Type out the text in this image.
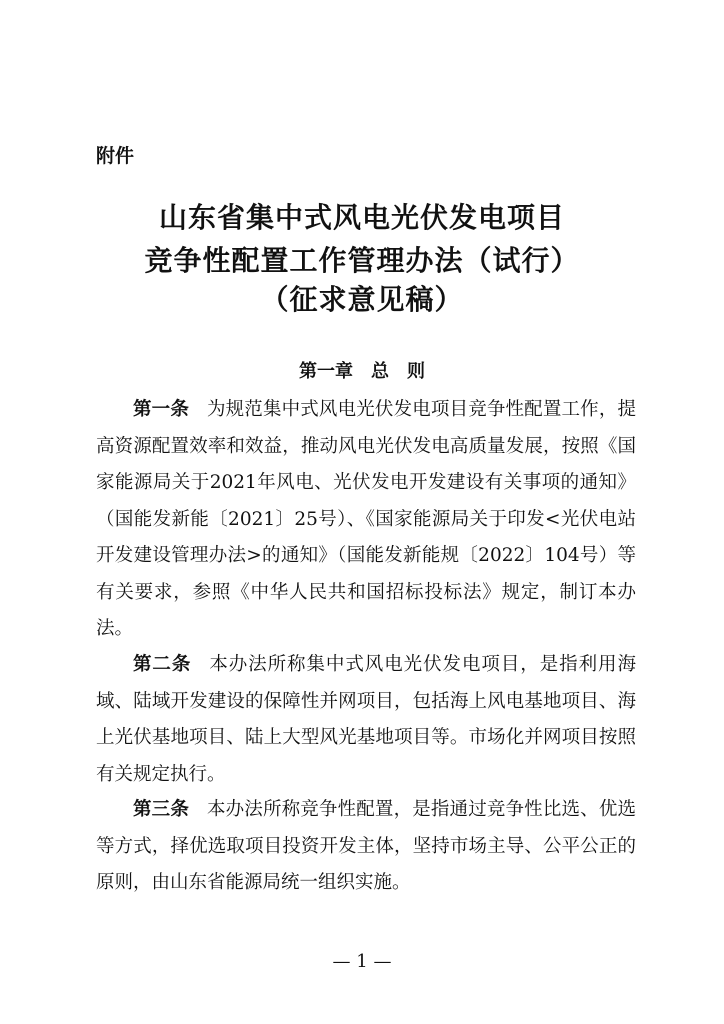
附件
山东省集中式风电光伏发电项目
竞争性配置工作管理办法（试行）
（征求意见稿）
第一章　总　则

第一条 为规范集中式风电光伏发电项目竞争性配置工作，提高资源配置效率和效益，推动风电光伏发电高质量发展，按照《国家能源局关于2021年风电、光伏发电开发建设有关事项的通知》（国能发新能〔2021〕25号）、《国家能源局关于印发<光伏电站开发建设管理办法>的通知》（国能发新能规〔2022〕104号）等有关要求，参照《中华人民共和国招标投标法》规定，制订本办法。

第二条 本办法所称集中式风电光伏发电项目，是指利用海域、陆域开发建设的保障性并网项目，包括海上风电基地项目、海上光伏基地项目、陆上大型风光基地项目等。市场化并网项目按照有关规定执行。

第三条 本办法所称竞争性配置，是指通过竞争性比选、优选等方式，择优选取项目投资开发主体，坚持市场主导、公平公正的原则，由山东省能源局统一组织实施。

— 1 —
